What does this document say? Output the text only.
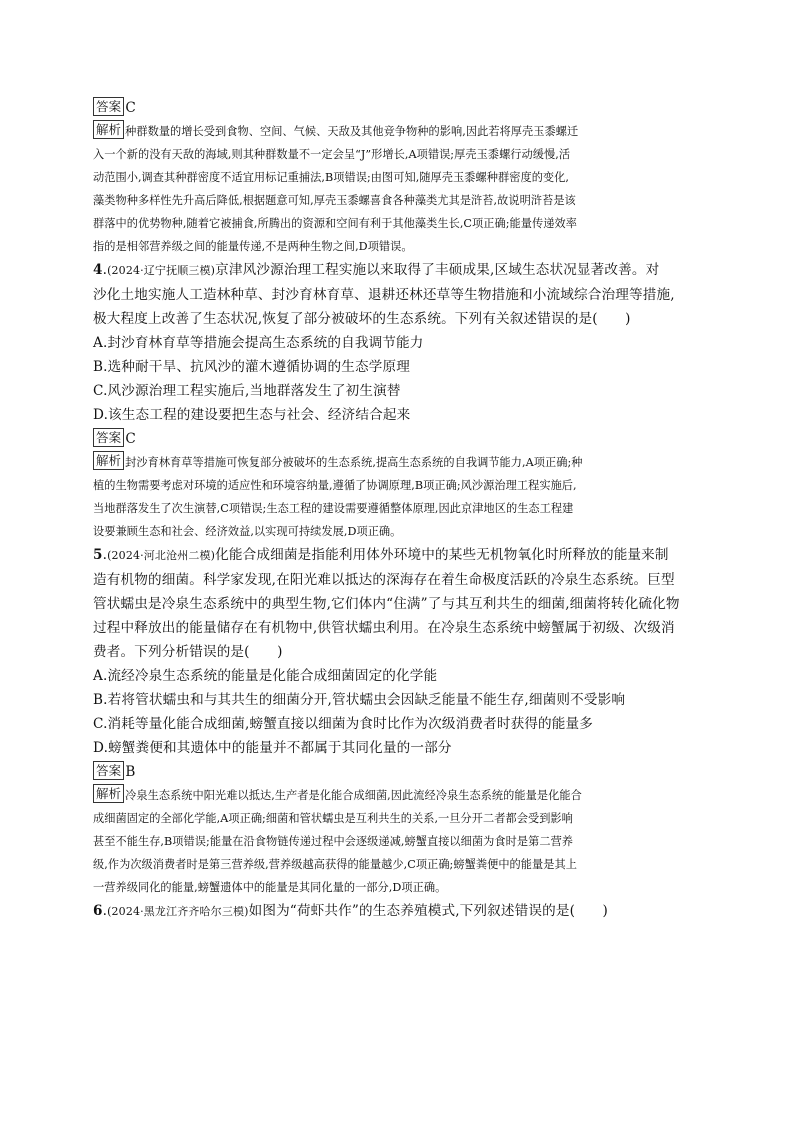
答案 C
解析 种群数量的增长受到食物、空间、气候、天敌及其他竞争物种的影响,因此若将厚壳玉黍螺迁
入一个新的没有天敌的海域,则其种群数量不一定会呈“J”形增长,A项错误;厚壳玉黍螺行动缓慢,活
动范围小,调查其种群密度不适宜用标记重捕法,B项错误;由图可知,随厚壳玉黍螺种群密度的变化,
藻类物种多样性先升高后降低,根据题意可知,厚壳玉黍螺喜食各种藻类尤其是浒苔,故说明浒苔是该
群落中的优势物种,随着它被捕食,所腾出的资源和空间有利于其他藻类生长,C项正确;能量传递效率
指的是相邻营养级之间的能量传递,不是两种生物之间,D项错误。
4.(2024·辽宁抚顺三模)京津风沙源治理工程实施以来取得了丰硕成果,区域生态状况显著改善。对
沙化土地实施人工造林种草、封沙育林育草、退耕还林还草等生物措施和小流域综合治理等措施,
极大程度上改善了生态状况,恢复了部分被破坏的生态系统。下列有关叙述错误的是(　　)
A.封沙育林育草等措施会提高生态系统的自我调节能力
B.选种耐干旱、抗风沙的灌木遵循协调的生态学原理
C.风沙源治理工程实施后,当地群落发生了初生演替
D.该生态工程的建设要把生态与社会、经济结合起来
答案 C
解析 封沙育林育草等措施可恢复部分被破坏的生态系统,提高生态系统的自我调节能力,A项正确;种
植的生物需要考虑对环境的适应性和环境容纳量,遵循了协调原理,B项正确;风沙源治理工程实施后,
当地群落发生了次生演替,C项错误;生态工程的建设需要遵循整体原理,因此京津地区的生态工程建
设要兼顾生态和社会、经济效益,以实现可持续发展,D项正确。
5.(2024·河北沧州二模)化能合成细菌是指能利用体外环境中的某些无机物氧化时所释放的能量来制
造有机物的细菌。科学家发现,在阳光难以抵达的深海存在着生命极度活跃的冷泉生态系统。巨型
管状蠕虫是冷泉生态系统中的典型生物,它们体内“住满”了与其互利共生的细菌,细菌将转化硫化物
过程中释放出的能量储存在有机物中,供管状蠕虫利用。在冷泉生态系统中螃蟹属于初级、次级消
费者。下列分析错误的是(　　)
A.流经冷泉生态系统的能量是化能合成细菌固定的化学能
B.若将管状蠕虫和与其共生的细菌分开,管状蠕虫会因缺乏能量不能生存,细菌则不受影响
C.消耗等量化能合成细菌,螃蟹直接以细菌为食时比作为次级消费者时获得的能量多
D.螃蟹粪便和其遗体中的能量并不都属于其同化量的一部分
答案 B
解析 冷泉生态系统中阳光难以抵达,生产者是化能合成细菌,因此流经冷泉生态系统的能量是化能合
成细菌固定的全部化学能,A项正确;细菌和管状蠕虫是互利共生的关系,一旦分开二者都会受到影响
甚至不能生存,B项错误;能量在沿食物链传递过程中会逐级递减,螃蟹直接以细菌为食时是第二营养
级,作为次级消费者时是第三营养级,营养级越高获得的能量越少,C项正确;螃蟹粪便中的能量是其上
一营养级同化的能量,螃蟹遗体中的能量是其同化量的一部分,D项正确。
6.(2024·黑龙江齐齐哈尔三模)如图为“荷虾共作”的生态养殖模式,下列叙述错误的是(　　)
